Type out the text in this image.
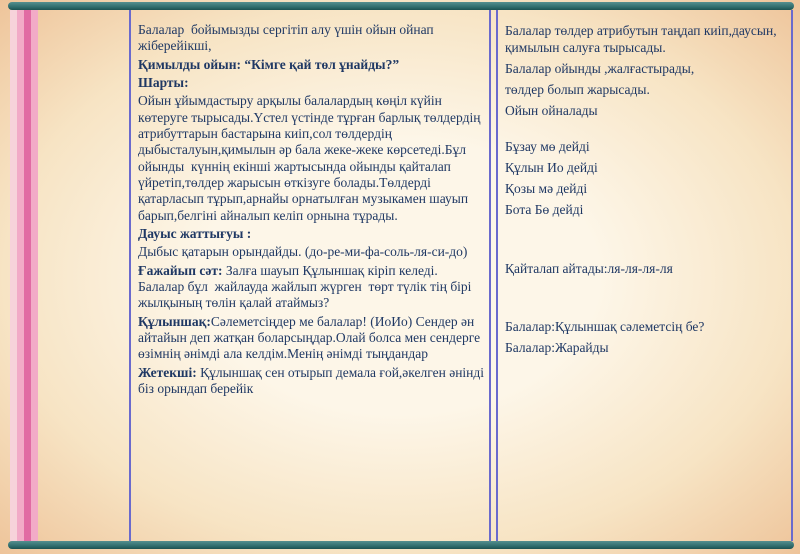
Балалар  бойымызды сергітіп алу үшін ойын ойнап жіберейікші,

Қимылды ойын: “Кімге қай төл ұнайды?”

Шарты:

Ойын ұйымдастыру арқылы балалардың көңіл күйін көтеруге тырысады.Үстел үстінде тұрған барлық төлдердің атрибуттарын бастарына киіп,сол төлдердің дыбысталуын,қимылын әр бала жеке-жеке көрсетеді.Бұл ойынды  күннің екінші жартысында ойынды қайталап үйретіп,төлдер жарысын өткізуге болады.Төлдерді қатарласып тұрып,арнайы орнатылған музыкамен шауып барып,белгіні айналып келіп орнына тұрады.

Дауыс жаттығуы :

Дыбыс қатарын орындайды. (до-ре-ми-фа-соль-ля-си-до)

Ғажайып сәт: Залға шауып Құлыншақ кіріп келеді. Балалар бұл  жайлауда жайлып жүрген  төрт түлік тің бірі жылқының төлін қалай атаймыз?

Құлыншақ:Сәлеметсіңдер ме балалар! (ИоИо) Сендер ән айтайын деп жатқан боларсыңдар.Олай болса мен сендерге өзімнің әнімді ала келдім.Менің әнімді тыңдандар

Жетекші: Құлыншақ сен отырып демала ғой,әкелген әнінді біз орындап берейік

Балалар төлдер атрибутын таңдап киіп,даусын, қимылын салуға тырысады.

Балалар ойынды ,жалғастырады,

төлдер болып жарысады.

Ойын ойналады

Бұзау мө дейді

Құлын Ио дейді

Қозы мә дейді

Бота Бө дейді

Қайталап айтады:ля-ля-ля-ля

Балалар:Құлыншақ сәлеметсің бе?

Балалар:Жарайды
